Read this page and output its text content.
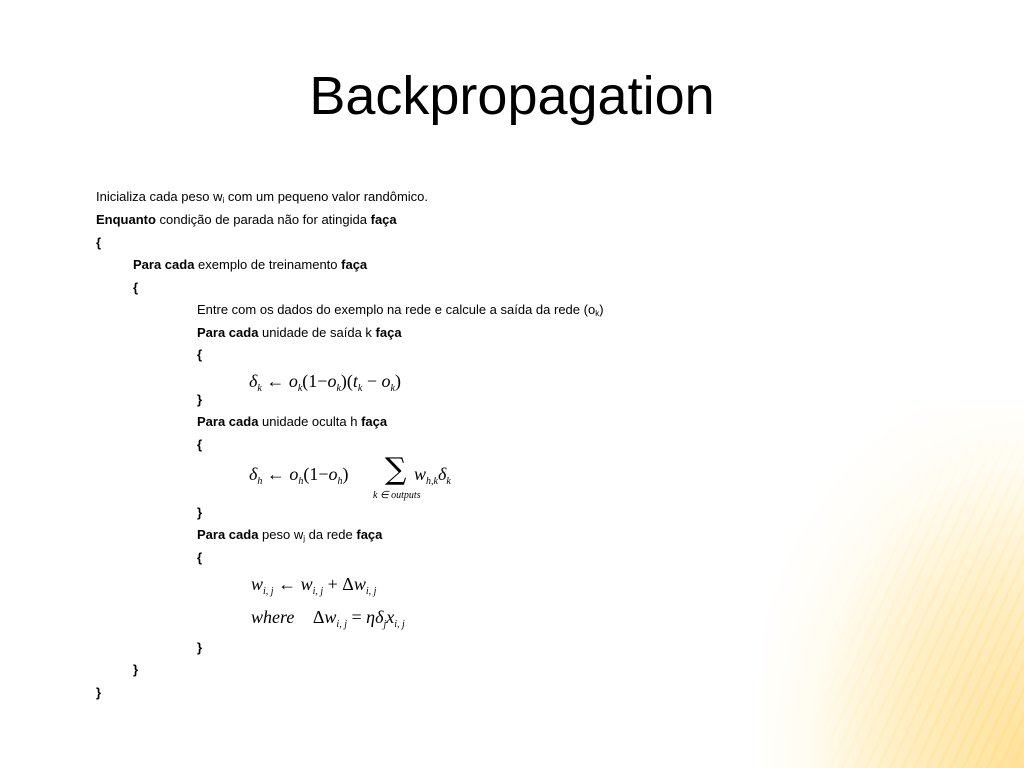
Backpropagation
Inicializa cada peso $w_i$ com um pequeno valor randômico.
Enquanto condição de parada não for atingida faça
{
Para cada exemplo de treinamento faça
{
Entre com os dados do exemplo na rede e calcule a saída da rede $(o_k)$
Para cada unidade de saída k faça
{
$\delta_k$ ← $o_k(1-o_k)(t_k - o_k)$
}
Para cada unidade oculta h faça
{
$\delta_h$ ← $o_h(1-o_h)$ ∑ $w_{h,k}\delta_k$
k ∈ outputs
}
Para cada peso $w_j$ da rede faça
{
$w_{i, j}$ ← $w_{i, j} + \Delta w_{i, j}$
where $\Delta w_{i, j} = \eta\delta_jx_{i, j}$
}
}
}
